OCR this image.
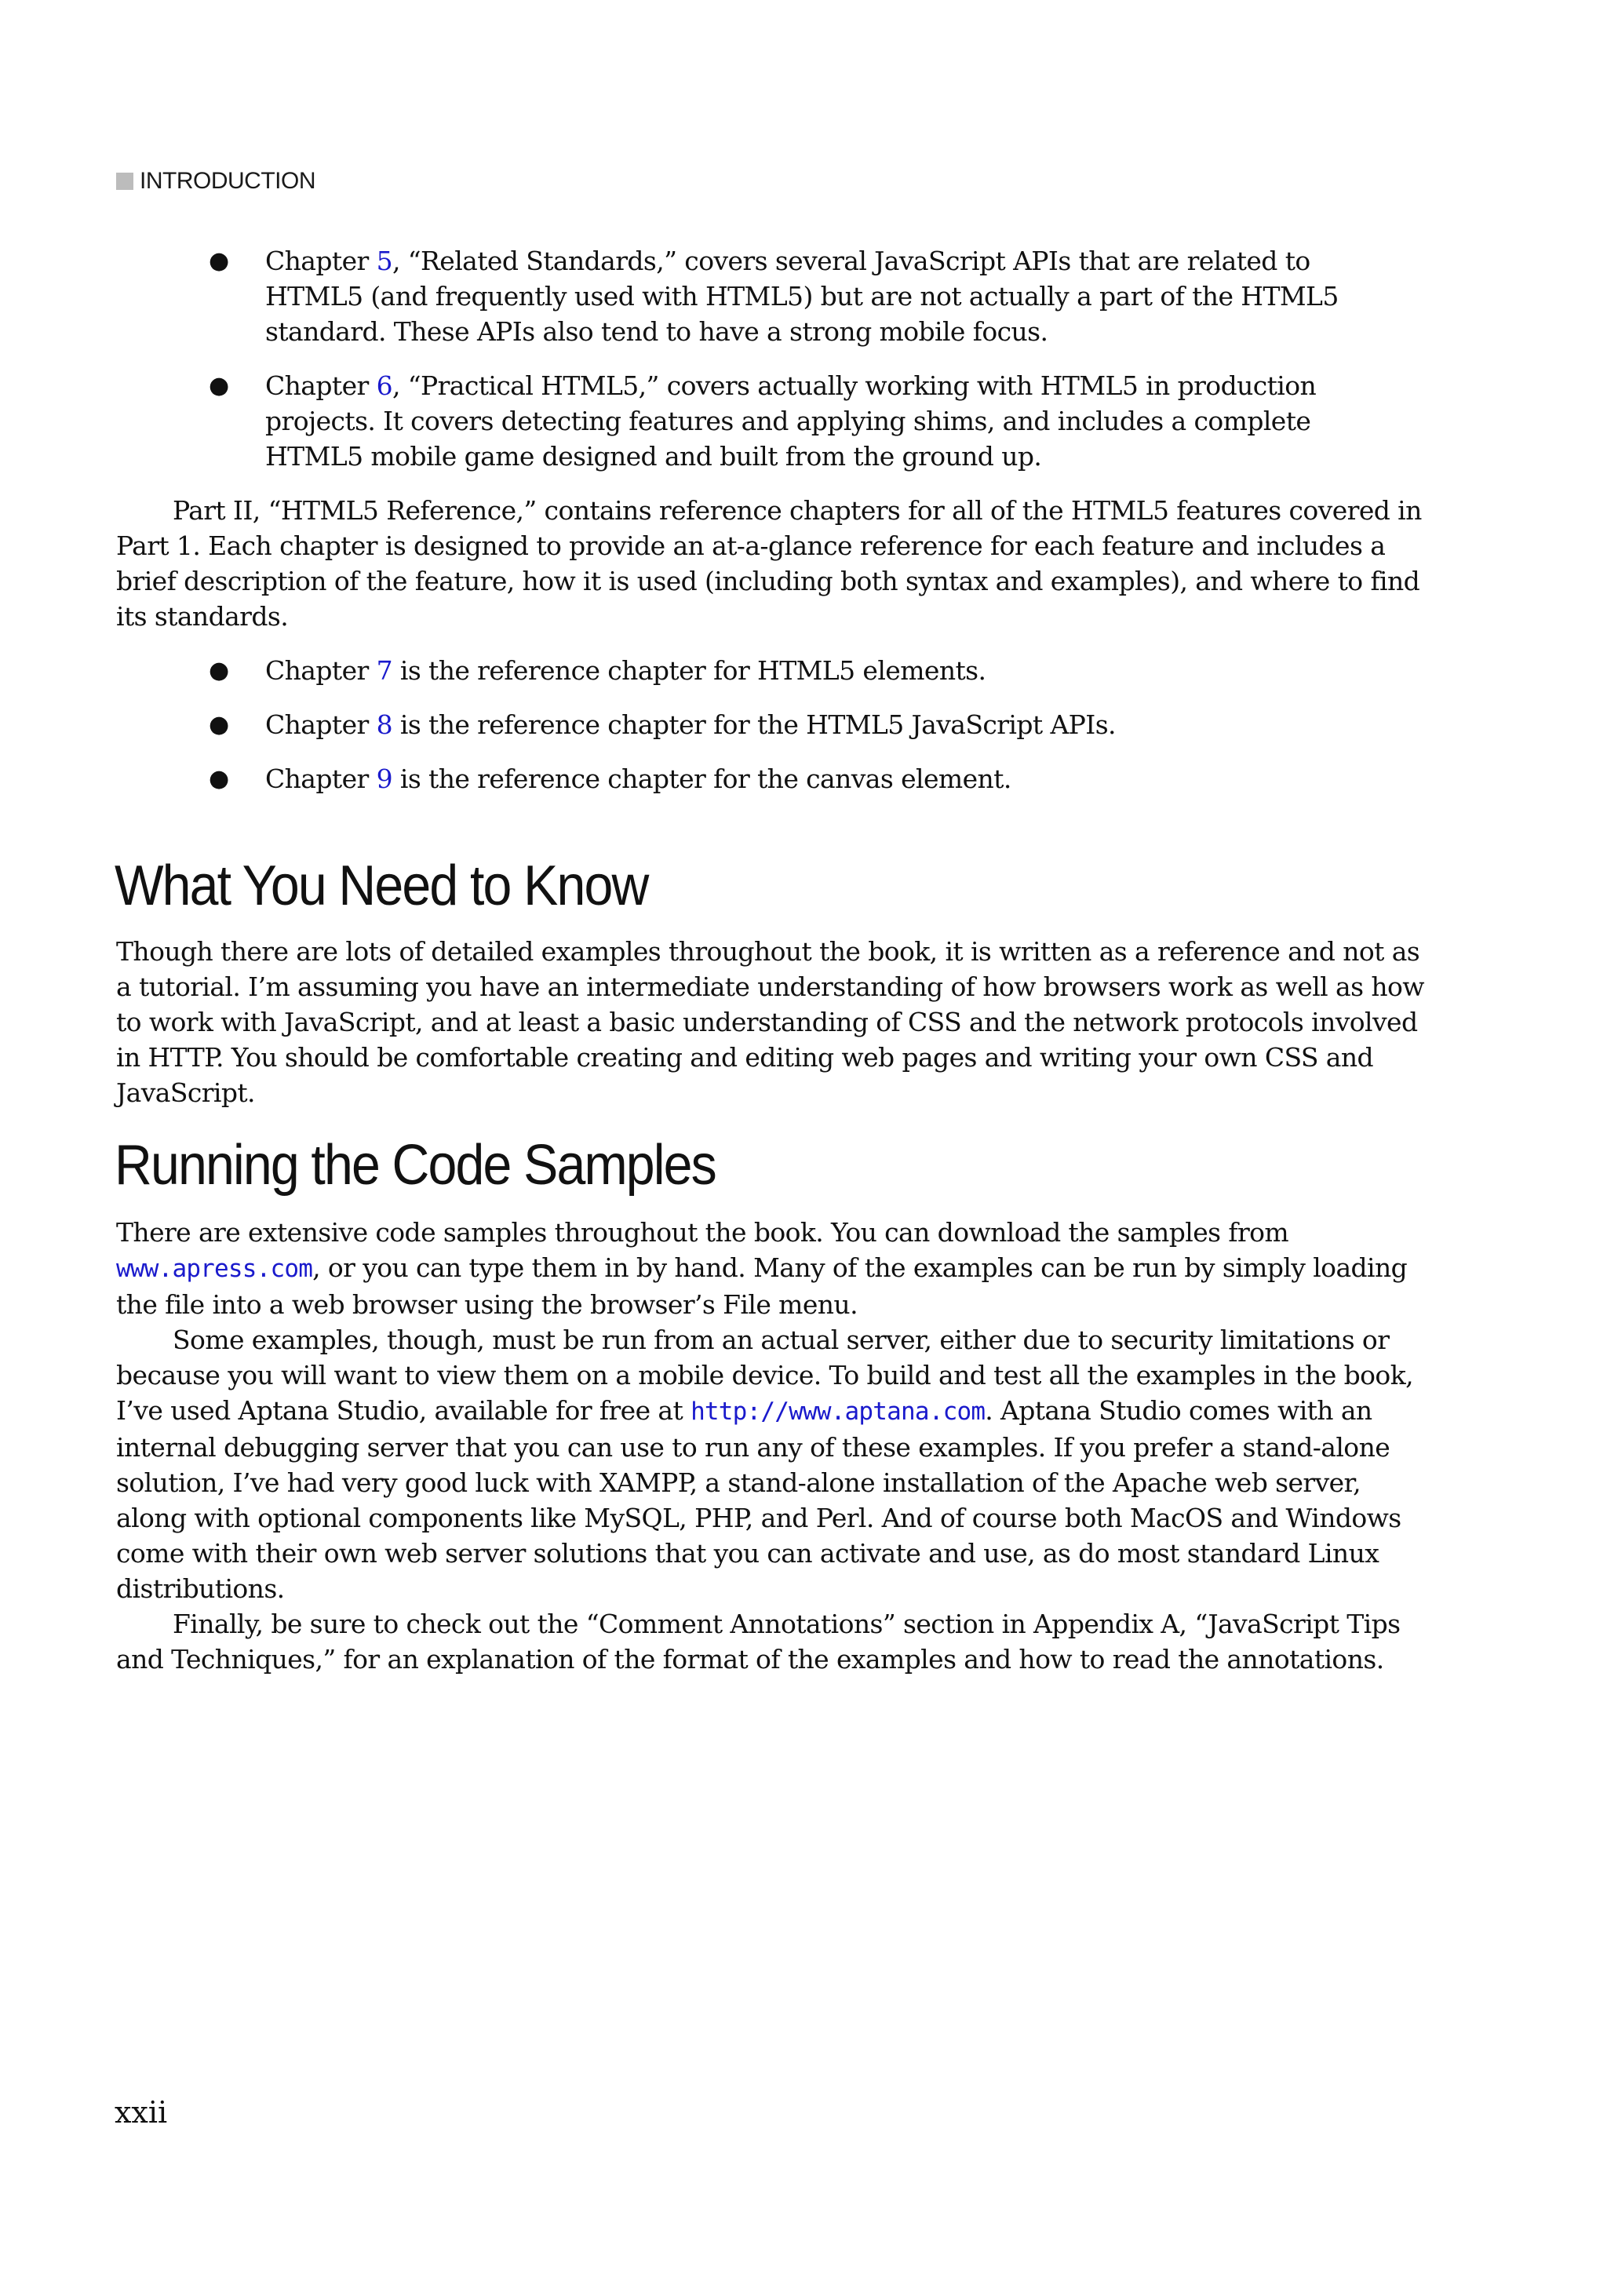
INTRODUCTION
● Chapter 5, “Related Standards,” covers several JavaScript APIs that are related to HTML5 (and frequently used with HTML5) but are not actually a part of the HTML5 standard. These APIs also tend to have a strong mobile focus.

● Chapter 6, “Practical HTML5,” covers actually working with HTML5 in production projects. It covers detecting features and applying shims, and includes a complete HTML5 mobile game designed and built from the ground up.

Part II, “HTML5 Reference,” contains reference chapters for all of the HTML5 features covered in Part 1. Each chapter is designed to provide an at-a-glance reference for each feature and includes a brief description of the feature, how it is used (including both syntax and examples), and where to find its standards.

● Chapter 7 is the reference chapter for HTML5 elements.

● Chapter 8 is the reference chapter for the HTML5 JavaScript APIs.

● Chapter 9 is the reference chapter for the canvas element.

What You Need to Know

Though there are lots of detailed examples throughout the book, it is written as a reference and not as a tutorial. I’m assuming you have an intermediate understanding of how browsers work as well as how to work with JavaScript, and at least a basic understanding of CSS and the network protocols involved in HTTP. You should be comfortable creating and editing web pages and writing your own CSS and JavaScript.

Running the Code Samples

There are extensive code samples throughout the book. You can download the samples from www.apress.com, or you can type them in by hand. Many of the examples can be run by simply loading the file into a web browser using the browser’s File menu.

Some examples, though, must be run from an actual server, either due to security limitations or because you will want to view them on a mobile device. To build and test all the examples in the book, I’ve used Aptana Studio, available for free at http://www.aptana.com. Aptana Studio comes with an internal debugging server that you can use to run any of these examples. If you prefer a stand-alone solution, I’ve had very good luck with XAMPP, a stand-alone installation of the Apache web server, along with optional components like MySQL, PHP, and Perl. And of course both MacOS and Windows come with their own web server solutions that you can activate and use, as do most standard Linux distributions.

Finally, be sure to check out the “Comment Annotations” section in Appendix A, “JavaScript Tips and Techniques,” for an explanation of the format of the examples and how to read the annotations.

xxii
